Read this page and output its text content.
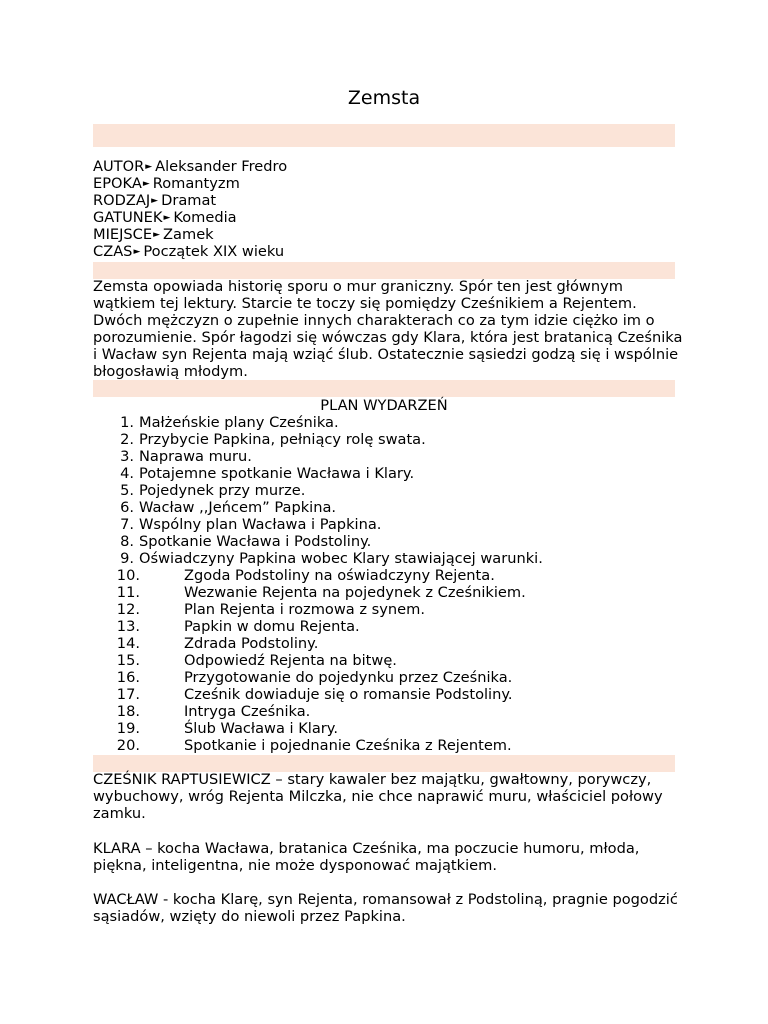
Zemsta
AUTOR► Aleksander Fredro
EPOKA► Romantyzm
RODZAJ► Dramat
GATUNEK► Komedia
MIEJSCE► Zamek
CZAS► Początek XIX wieku

Zemsta opowiada historię sporu o mur graniczny. Spór ten jest głównym wątkiem tej lektury. Starcie te toczy się pomiędzy Cześnikiem a Rejentem. Dwóch mężczyzn o zupełnie innych charakterach co za tym idzie ciężko im o porozumienie. Spór łagodzi się wówczas gdy Klara, która jest bratanicą Cześnika i Wacław syn Rejenta mają wziąć ślub. Ostatecznie sąsiedzi godzą się i wspólnie błogosławią młodym.

PLAN WYDARZEŃ
1. Małżeńskie plany Cześnika.
2. Przybycie Papkina, pełniący rolę swata.
3. Naprawa muru.
4. Potajemne spotkanie Wacława i Klary.
5. Pojedynek przy murze.
6. Wacław ,,Jeńcem” Papkina.
7. Wspólny plan Wacława i Papkina.
8. Spotkanie Wacława i Podstoliny.
9. Oświadczyny Papkina wobec Klary stawiającej warunki.
10.	Zgoda Podstoliny na oświadczyny Rejenta.
11.	Wezwanie Rejenta na pojedynek z Cześnikiem.
12.	Plan Rejenta i rozmowa z synem.
13.	Papkin w domu Rejenta.
14.	Zdrada Podstoliny.
15.	Odpowiedź Rejenta na bitwę.
16.	Przygotowanie do pojedynku przez Cześnika.
17.	Cześnik dowiaduje się o romansie Podstoliny.
18.	Intryga Cześnika.
19.	Ślub Wacława i Klary.
20.	Spotkanie i pojednanie Cześnika z Rejentem.

CZEŚNIK RAPTUSIEWICZ – stary kawaler bez majątku, gwałtowny, porywczy, wybuchowy, wróg Rejenta Milczka, nie chce naprawić muru, właściciel połowy zamku.

KLARA – kocha Wacława, bratanica Cześnika, ma poczucie humoru, młoda, piękna, inteligentna, nie może dysponować majątkiem.

WACŁAW - kocha Klarę, syn Rejenta, romansował z Podstoliną, pragnie pogodzić sąsiadów, wzięty do niewoli przez Papkina.
